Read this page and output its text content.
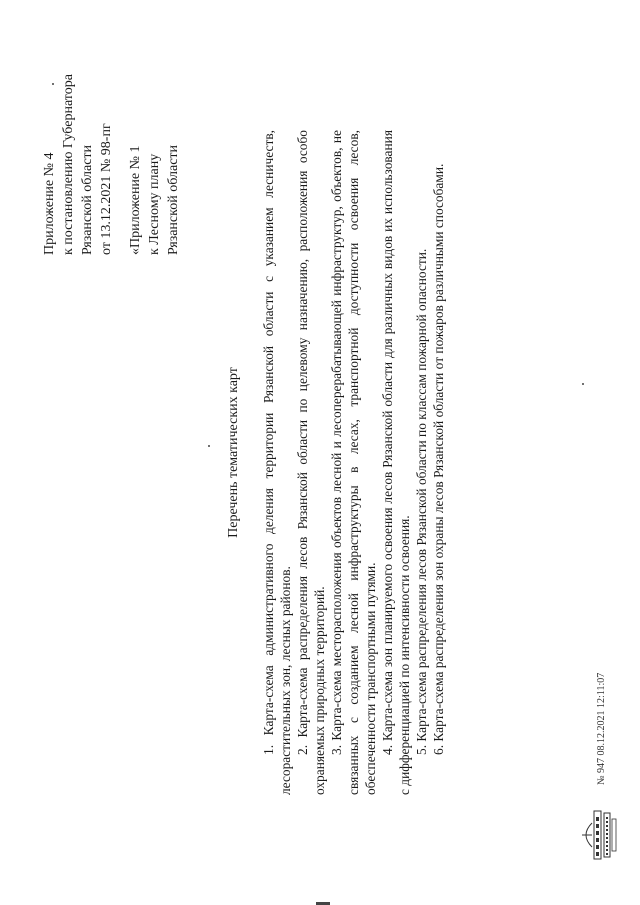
Приложение № 4 к постановлению Губернатора Рязанской области от 13.12.2021 № 98-пг «Приложение № 1 к Лесному плану Рязанской области
Перечень тематических карт 1. Карта-схема административного деления территории Рязанской области с указанием лесничеств, лесорастительных зон, лесных районов. 2. Карта-схема распределения лесов Рязанской области по целевому назначению, расположения особо охраняемых природных территорий. 3. Карта-схема месторасположения объектов лесной и лесоперерабатывающей инфраструктур, объектов, не связанных с созданием лесной инфраструктуры в лесах, транспортной доступности освоения лесов, обеспеченности транспортными путями. 4. Карта-схема зон планируемого освоения лесов Рязанской области для различных видов их использования с дифференциацией по интенсивности освоения. 5. Карта-схема распределения лесов Рязанской области по классам пожарной опасности. 6. Карта-схема распределения зон охраны лесов Рязанской области от пожаров различными способами.	№ 947 08.12.2021 12:11:07
